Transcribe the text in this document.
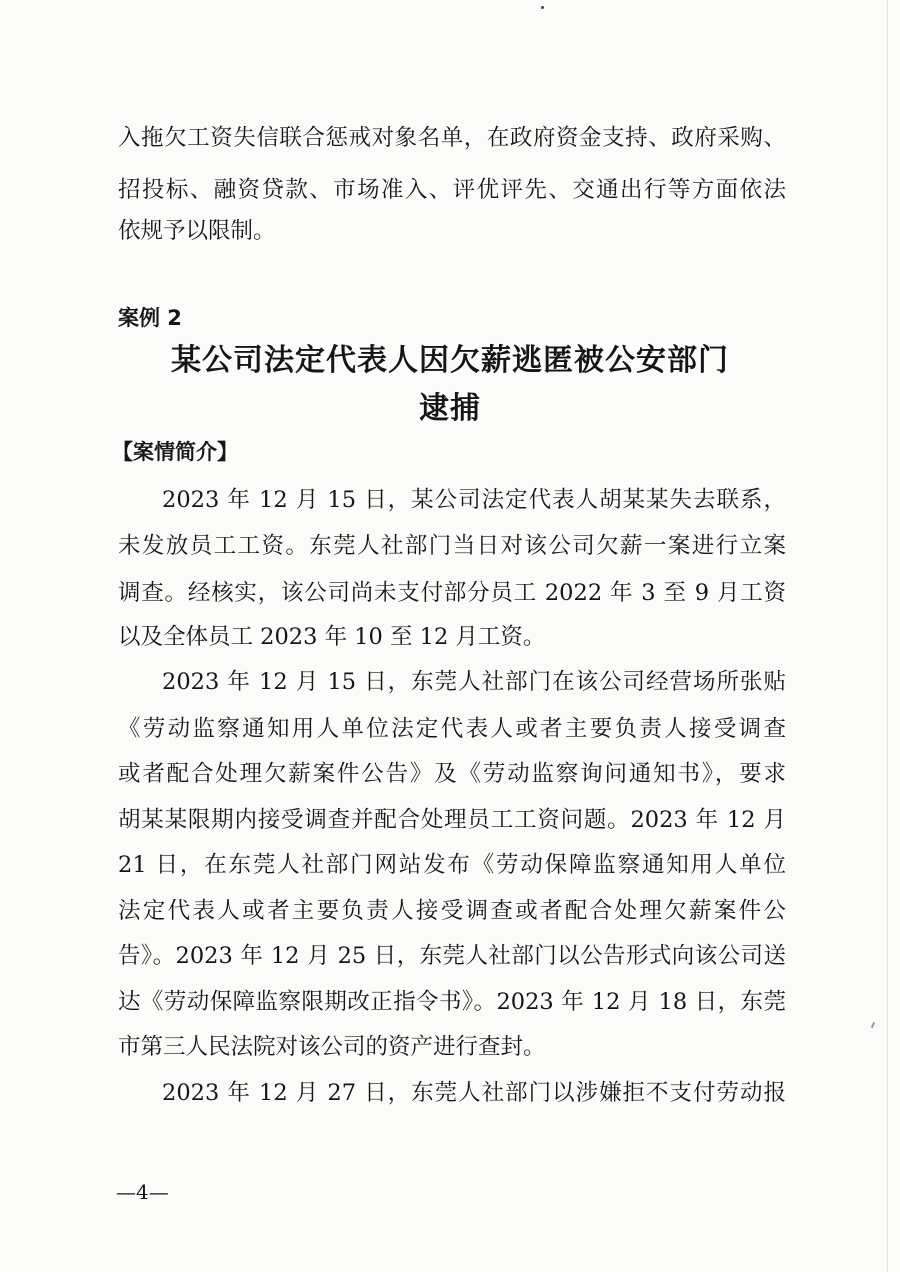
入拖欠工资失信联合惩戒对象名单，在政府资金支持、政府采购、
招投标、融资贷款、市场准入、评优评先、交通出行等方面依法
依规予以限制。
案例 2
某公司法定代表人因欠薪逃匿被公安部门
逮捕
【案情简介】
2023 年 12 月 15 日，某公司法定代表人胡某某失去联系，
未发放员工工资。东莞人社部门当日对该公司欠薪一案进行立案
调查。经核实，该公司尚未支付部分员工 2022 年 3 至 9 月工资
以及全体员工 2023 年 10 至 12 月工资。
2023 年 12 月 15 日，东莞人社部门在该公司经营场所张贴
《劳动监察通知用人单位法定代表人或者主要负责人接受调查
或者配合处理欠薪案件公告》及《劳动监察询问通知书》，要求
胡某某限期内接受调查并配合处理员工工资问题。2023 年 12 月
21 日，在东莞人社部门网站发布《劳动保障监察通知用人单位
法定代表人或者主要负责人接受调查或者配合处理欠薪案件公
告》。2023 年 12 月 25 日，东莞人社部门以公告形式向该公司送
达《劳动保障监察限期改正指令书》。2023 年 12 月 18 日，东莞
市第三人民法院对该公司的资产进行查封。
2023 年 12 月 27 日，东莞人社部门以涉嫌拒不支付劳动报
—4—
